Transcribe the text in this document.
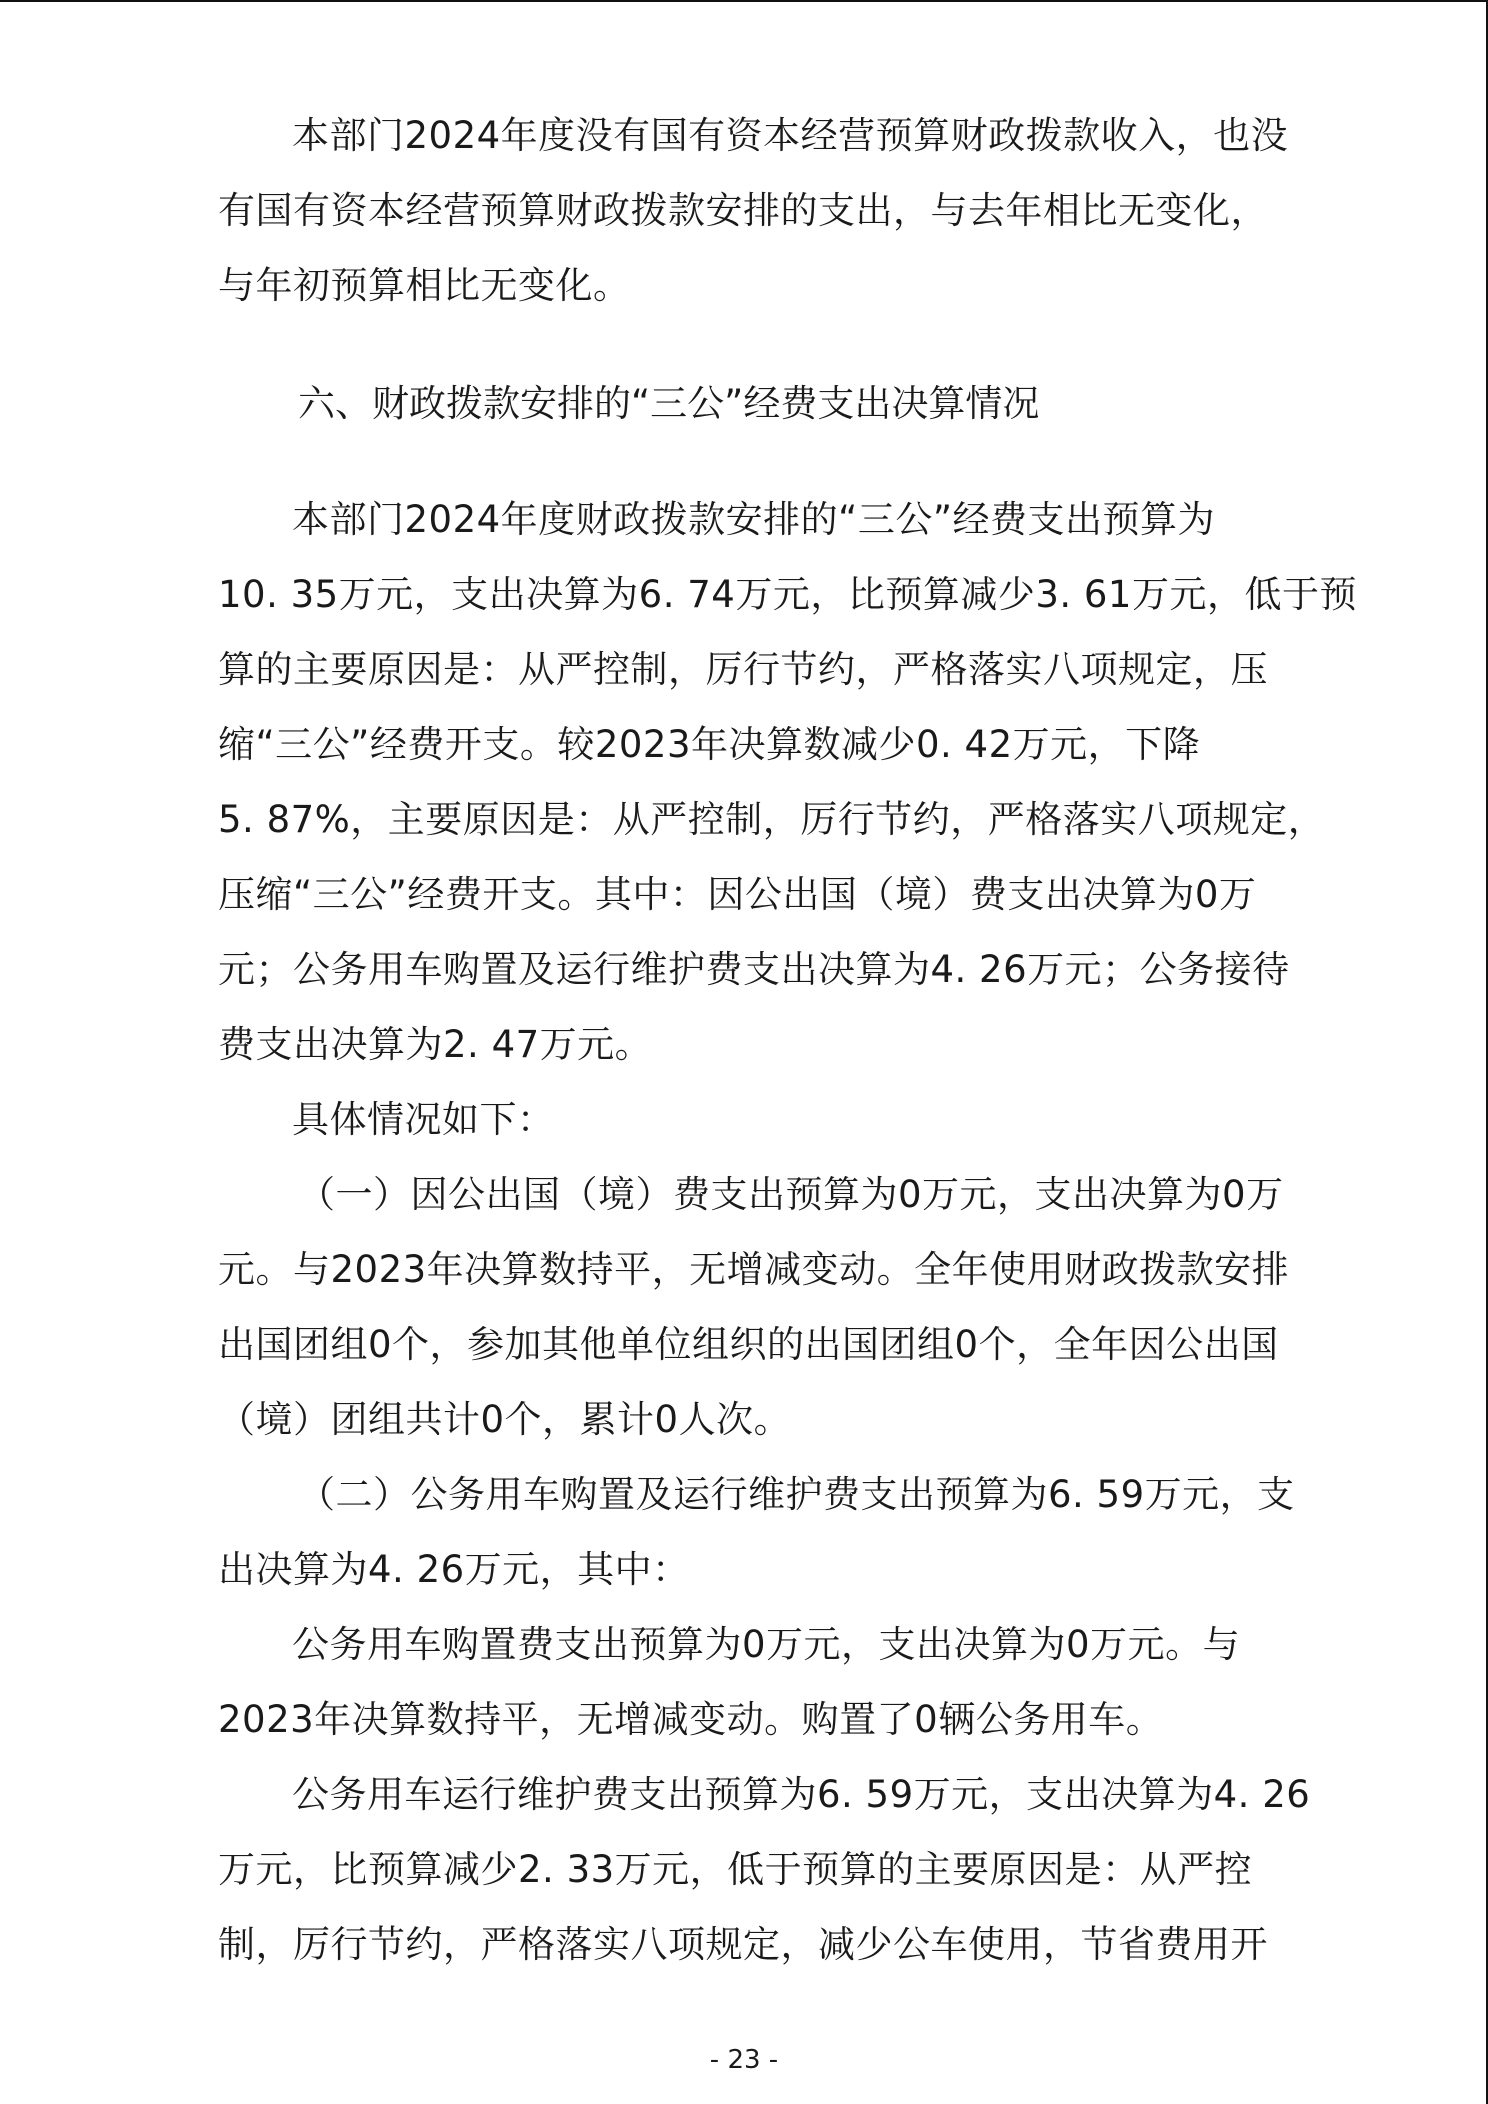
本部门2024年度没有国有资本经营预算财政拨款收入，也没
有国有资本经营预算财政拨款安排的支出，与去年相比无变化，
与年初预算相比无变化。
六、财政拨款安排的“三公”经费支出决算情况
本部门2024年度财政拨款安排的“三公”经费支出预算为
10. 35万元，支出决算为6. 74万元，比预算减少3. 61万元，低于预
算的主要原因是：从严控制，厉行节约，严格落实八项规定，压
缩“三公”经费开支。较2023年决算数减少0. 42万元，下降
5. 87%，主要原因是：从严控制，厉行节约，严格落实八项规定，
压缩“三公”经费开支。其中：因公出国（境）费支出决算为0万
元；公务用车购置及运行维护费支出决算为4. 26万元；公务接待
费支出决算为2. 47万元。
具体情况如下：
（一）因公出国（境）费支出预算为0万元，支出决算为0万
元。与2023年决算数持平，无增减变动。全年使用财政拨款安排
出国团组0个，参加其他单位组织的出国团组0个，全年因公出国
（境）团组共计0个，累计0人次。
（二）公务用车购置及运行维护费支出预算为6. 59万元，支
出决算为4. 26万元，其中：
公务用车购置费支出预算为0万元，支出决算为0万元。与
2023年决算数持平，无增减变动。购置了0辆公务用车。
公务用车运行维护费支出预算为6. 59万元，支出决算为4. 26
万元，比预算减少2. 33万元，低于预算的主要原因是：从严控
制，厉行节约，严格落实八项规定，减少公车使用，节省费用开
- 23 -
